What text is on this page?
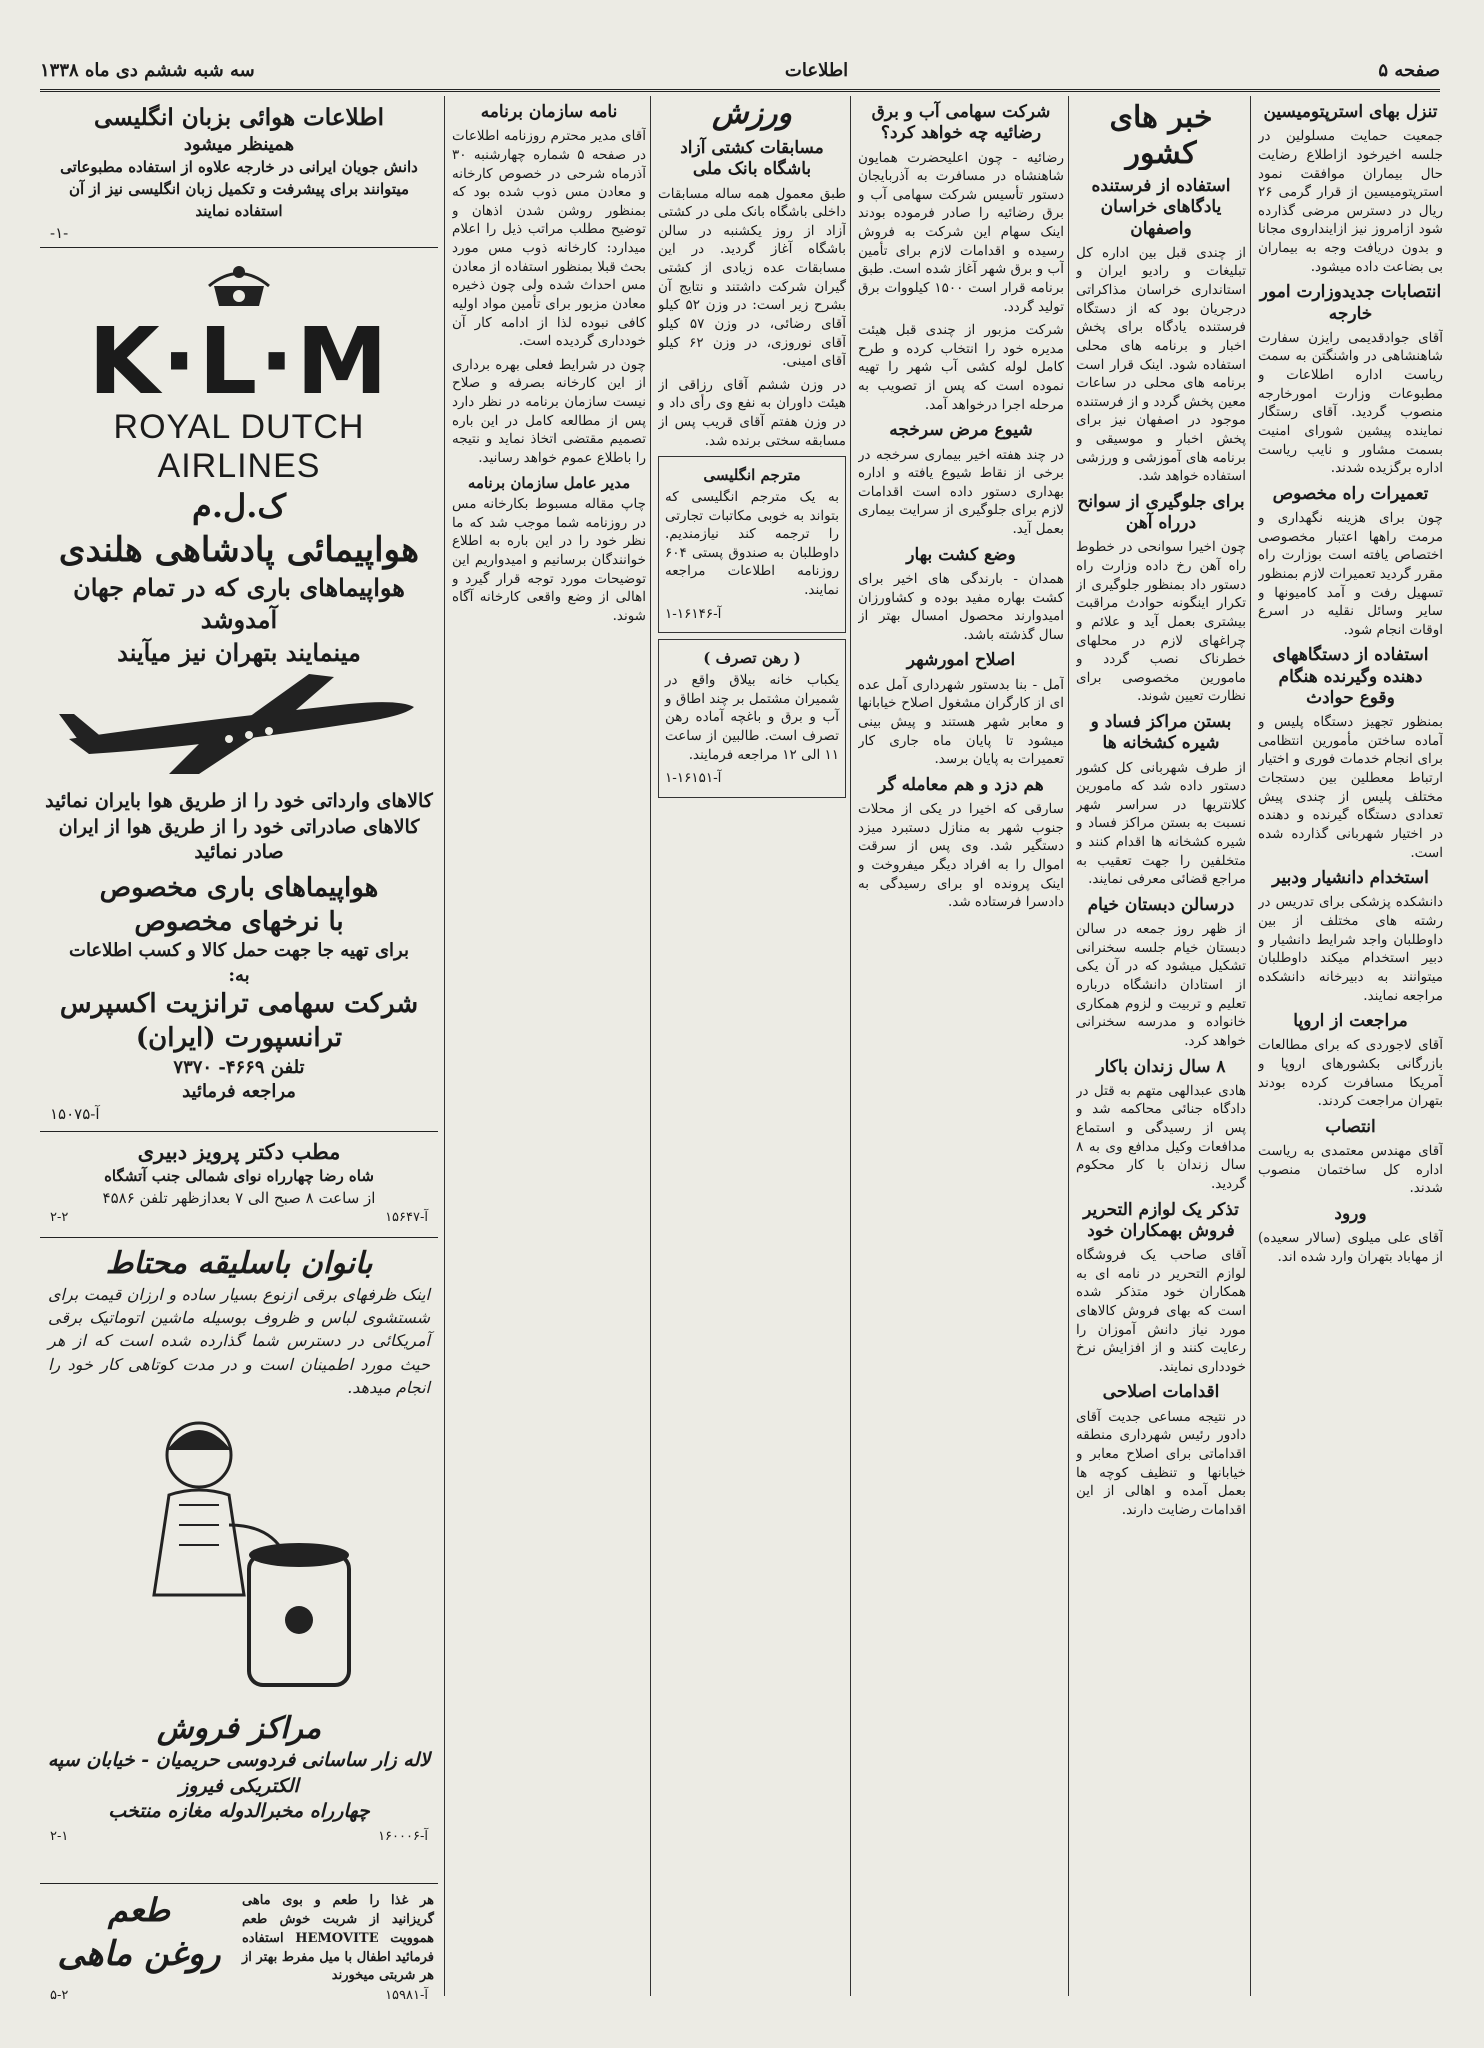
صفحه ۵
اطلاعات
سه شبه ششم دی ماه ۱۳۳۸
تنزل بهای استرپتومیسین

جمعیت حمایت مسلولین در جلسه اخیرخود ازاطلاع رضایت حال بیماران موافقت نمود استرپتومیسین از قرار گرمی ۲۶ ریال در دسترس مرضی گذارده شود ازامروز نیز ازاینداروی مجانا و بدون دریافت وجه به بیماران بی بضاعت داده میشود.

انتصابات جدیدوزارت امور خارجه

آقای جوادقدیمی رایزن سفارت شاهنشاهی در واشنگتن به سمت ریاست اداره اطلاعات و مطبوعات وزارت امورخارجه منصوب گردید. آقای رستگار نماینده پیشین شورای امنیت بسمت مشاور و نایب ریاست اداره برگزیده شدند.

تعمیرات راه مخصوص

چون برای هزینه نگهداری و مرمت راهها اعتبار مخصوصی اختصاص یافته است بوزارت راه مقرر گردید تعمیرات لازم بمنظور تسهیل رفت و آمد کامیونها و سایر وسائل نقلیه در اسرع اوقات انجام شود.

استفاده از دستگاههای دهنده وگیرنده هنگام وقوع حوادث

بمنظور تجهیز دستگاه پلیس و آماده ساختن مأمورین انتظامی برای انجام خدمات فوری و اختیار ارتباط معطلین بین دستجات مختلف پلیس از چندی پیش تعدادی دستگاه گیرنده و دهنده در اختیار شهربانی گذارده شده است.

استخدام دانشیار ودبیر

دانشکده پزشکی برای تدریس در رشته های مختلف از بین داوطلبان واجد شرایط دانشیار و دبیر استخدام میکند داوطلبان میتوانند به دبیرخانه دانشکده مراجعه نمایند.

مراجعت از اروپا

آقای لاجوردی که برای مطالعات بازرگانی بکشورهای اروپا و آمریکا مسافرت کرده بودند بتهران مراجعت کردند.

انتصاب

آقای مهندس معتمدی به ریاست اداره کل ساختمان منصوب شدند.

ورود

آقای علی میلوی (سالار سعیده) از مهاباد بتهران وارد شده اند.

خبر های کشور
استفاده از فرستنده یادگاهای خراسان واصفهان

از چندی قبل بین اداره کل تبلیغات و رادیو ایران و استانداری خراسان مذاکراتی درجریان بود که از دستگاه فرستنده یادگاه برای پخش اخبار و برنامه های محلی استفاده شود. اینک قرار است برنامه های محلی در ساعات معین پخش گردد و از فرستنده موجود در اصفهان نیز برای پخش اخبار و موسیقی و برنامه های آموزشی و ورزشی استفاده خواهد شد.

برای جلوگیری از سوانح درراه آهن

چون اخیرا سوانحی در خطوط راه آهن رخ داده وزارت راه دستور داد بمنظور جلوگیری از تکرار اینگونه حوادث مراقبت بیشتری بعمل آید و علائم و چراغهای لازم در محلهای خطرناک نصب گردد و مامورین مخصوصی برای نظارت تعیین شوند.

بستن مراکز فساد و شیره کشخانه ها

از طرف شهربانی کل کشور دستور داده شد که مامورین کلانتریها در سراسر شهر نسبت به بستن مراکز فساد و شیره کشخانه ها اقدام کنند و متخلفین را جهت تعقیب به مراجع قضائی معرفی نمایند.

درسالن دبستان خیام

از ظهر روز جمعه در سالن دبستان خیام جلسه سخنرانی تشکیل میشود که در آن یکی از استادان دانشگاه درباره تعلیم و تربیت و لزوم همکاری خانواده و مدرسه سخنرانی خواهد کرد.

۸ سال زندان باکار

هادی عبدالهی متهم به قتل در دادگاه جنائی محاکمه شد و پس از رسیدگی و استماع مدافعات وکیل مدافع وی به ۸ سال زندان با کار محکوم گردید.

تذکر یک لوازم التحریر فروش بهمکاران خود

آقای صاحب یک فروشگاه لوازم التحریر در نامه ای به همکاران خود متذکر شده است که بهای فروش کالاهای مورد نیاز دانش آموزان را رعایت کنند و از افزایش نرخ خودداری نمایند.

اقدامات اصلاحی

در نتیجه مساعی جدیت آقای دادور رئیس شهرداری منطقه اقداماتی برای اصلاح معابر و خیابانها و تنظیف کوچه ها بعمل آمده و اهالی از این اقدامات رضایت دارند.

شرکت سهامی آب و برق رضائیه چه خواهد کرد؟

رضائیه - چون اعلیحضرت همایون شاهنشاه در مسافرت به آذربایجان دستور تأسیس شرکت سهامی آب و برق رضائیه را صادر فرموده بودند اینک سهام این شرکت به فروش رسیده و اقدامات لازم برای تأمین آب و برق شهر آغاز شده است. طبق برنامه قرار است ۱۵۰۰ کیلووات برق تولید گردد.

شرکت مزبور از چندی قبل هیئت مدیره خود را انتخاب کرده و طرح کامل لوله کشی آب شهر را تهیه نموده است که پس از تصویب به مرحله اجرا درخواهد آمد.

شیوع مرض سرخجه

در چند هفته اخیر بیماری سرخجه در برخی از نقاط شیوع یافته و اداره بهداری دستور داده است اقدامات لازم برای جلوگیری از سرایت بیماری بعمل آید.

وضع کشت بهار

همدان - بارندگی های اخیر برای کشت بهاره مفید بوده و کشاورزان امیدوارند محصول امسال بهتر از سال گذشته باشد.

اصلاح امورشهر

آمل - بنا بدستور شهرداری آمل عده ای از کارگران مشغول اصلاح خیابانها و معابر شهر هستند و پیش بینی میشود تا پایان ماه جاری کار تعمیرات به پایان برسد.

هم دزد و هم معامله گر

سارقی که اخیرا در یکی از محلات جنوب شهر به منازل دستبرد میزد دستگیر شد. وی پس از سرقت اموال را به افراد دیگر میفروخت و اینک پرونده او برای رسیدگی به دادسرا فرستاده شد.

ورزش
مسابقات کشتی آزاد باشگاه بانک ملی

طبق معمول همه ساله مسابقات داخلی باشگاه بانک ملی در کشتی آزاد از روز یکشنبه در سالن باشگاه آغاز گردید. در این مسابقات عده زیادی از کشتی گیران شرکت داشتند و نتایج آن بشرح زیر است: در وزن ۵۲ کیلو آقای رضائی، در وزن ۵۷ کیلو آقای نوروزی، در وزن ۶۲ کیلو آقای امینی.

در وزن ششم آقای رزاقی از هیئت داوران به نفع وی رأی داد و در وزن هفتم آقای قریب پس از مسابقه سختی برنده شد.

مترجم انگلیسی

به یک مترجم انگلیسی که بتواند به خوبی مکاتبات تجارتی را ترجمه کند نیازمندیم. داوطلبان به صندوق پستی ۶۰۴ روزنامه اطلاعات مراجعه نمایند.

آ-۱۶۱۴۶-۱

( رهن تصرف )

یکباب خانه بیلاق واقع در شمیران مشتمل بر چند اطاق و آب و برق و باغچه آماده رهن تصرف است. طالبین از ساعت ۱۱ الی ۱۲ مراجعه فرمایند.

آ-۱۶۱۵۱-۱

نامه سازمان برنامه

آقای مدیر محترم روزنامه اطلاعات در صفحه ۵ شماره چهارشنبه ۳۰ آذرماه شرحی در خصوص کارخانه و معادن مس ذوب شده بود که بمنظور روشن شدن اذهان و توضیح مطلب مراتب ذیل را اعلام میدارد: کارخانه ذوب مس مورد بحث قبلا بمنظور استفاده از معادن مس احداث شده ولی چون ذخیره معادن مزبور برای تأمین مواد اولیه کافی نبوده لذا از ادامه کار آن خودداری گردیده است.

چون در شرایط فعلی بهره برداری از این کارخانه بصرفه و صلاح نیست سازمان برنامه در نظر دارد پس از مطالعه کامل در این باره تصمیم مقتضی اتخاذ نماید و نتیجه را باطلاع عموم خواهد رسانید.

مدیر عامل سازمان برنامه

چاپ مقاله مسبوط بکارخانه مس در روزنامه شما موجب شد که ما نظر خود را در این باره به اطلاع خوانندگان برسانیم و امیدواریم این توضیحات مورد توجه قرار گیرد و اهالی از وضع واقعی کارخانه آگاه شوند.

اطلاعات هوائی بزبان انگلیسی
همینظر میشود
دانش جویان ایرانی در خارجه علاوه از استفاده مطبوعاتی میتوانند برای پیشرفت و تکمیل زبان انگلیسی نیز از آن استفاده نمایند
-۱-
K·L·M
ROYAL DUTCH AIRLINES
ک.ل.م
هواپیمائی پادشاهی هلندی
هواپیماهای باری که در تمام جهان آمدوشد
مینمایند بتهران نیز میآیند
کالاهای وارداتی خود را از طریق هوا بایران نمائید
کالاهای صادراتی خود را از طریق هوا از ایران صادر نمائید
هواپیماهای باری مخصوص
با نرخهای مخصوص
برای تهیه جا جهت حمل کالا و کسب اطلاعات
به:
شرکت سهامی ترانزیت اکسپرس
ترانسپورت (ایران)
تلفن ۴۶۶۹- ۷۳۷۰
مراجعه فرمائید
آ-۱۵۰۷۵
مطب دکتر پرویز دبیری
شاه رضا چهارراه نوای شمالی جنب آتشگاه
از ساعت ۸ صبح الی ۷ بعدازظهر تلفن ۴۵۸۶
آ-۱۵۶۴۷
۲-۲
بانوان باسلیقه محتاط
اینک ظرفهای برقی ازنوع بسیار ساده و ارزان قیمت برای شستشوی لباس و ظروف بوسیله ماشین اتوماتیک برقی آمریکائی در دسترس شما گذارده شده است که از هر حیث مورد اطمینان است و در مدت کوتاهی کار خود را انجام میدهد.
مراکز فروش
لاله زار ساسانی فردوسی حریمیان - خیابان سپه الکتریکی فیروز
چهارراه مخبرالدوله مغازه منتخب
آ-۱۶۰۰۰۶
۲-۱
هر غذا را طعم و بوی ماهی گریزانید از شربت خوش طعم هموویت HEMOVITE استفاده فرمائید اطفال با میل مفرط بهتر از هر شربتی میخورند
طعم
روغن ماهی
آ-۱۵۹۸۱
۵-۲
